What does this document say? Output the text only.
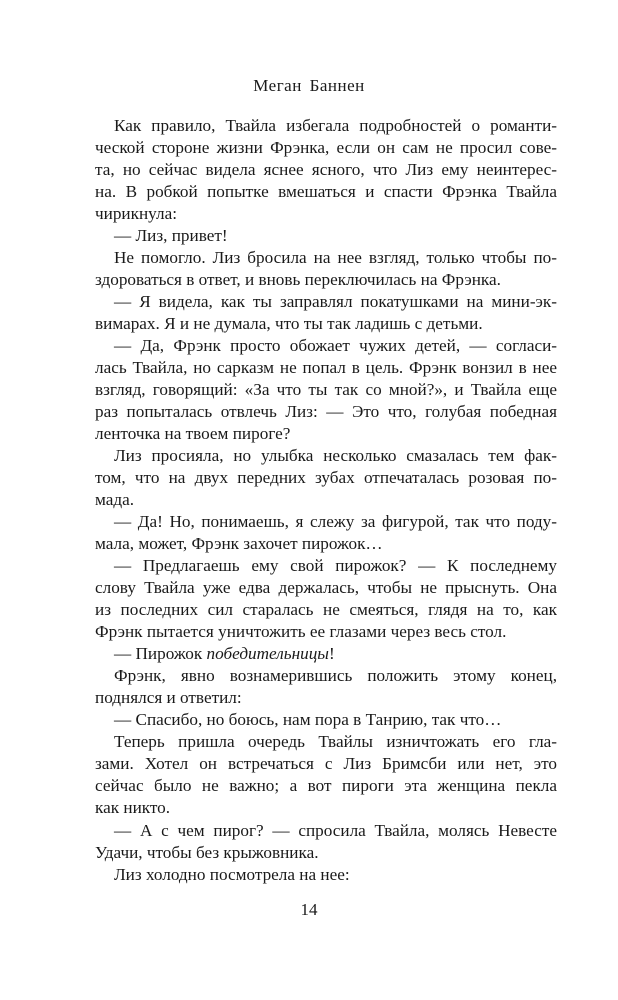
Меган Баннен
Как правило, Твайла избегала подробностей о романти-
ческой стороне жизни Фрэнка, если он сам не просил сове-
та, но сейчас видела яснее ясного, что Лиз ему неинтерес-
на. В робкой попытке вмешаться и спасти Фрэнка Твайла
чирикнула:
— Лиз, привет!
Не помогло. Лиз бросила на нее взгляд, только чтобы по-
здороваться в ответ, и вновь переключилась на Фрэнка.
— Я видела, как ты заправлял покатушками на мини-эк-
вимарах. Я и не думала, что ты так ладишь с детьми.
— Да, Фрэнк просто обожает чужих детей, — согласи-
лась Твайла, но сарказм не попал в цель. Фрэнк вонзил в нее
взгляд, говорящий: «За что ты так со мной?», и Твайла еще
раз попыталась отвлечь Лиз: — Это что, голубая победная
ленточка на твоем пироге?
Лиз просияла, но улыбка несколько смазалась тем фак-
том, что на двух передних зубах отпечаталась розовая по-
мада.
— Да! Но, понимаешь, я слежу за фигурой, так что поду-
мала, может, Фрэнк захочет пирожок…
— Предлагаешь ему свой пирожок? — К последнему
слову Твайла уже едва держалась, чтобы не прыснуть. Она
из последних сил старалась не смеяться, глядя на то, как
Фрэнк пытается уничтожить ее глазами через весь стол.
— Пирожок победительницы!
Фрэнк, явно вознамерившись положить этому конец,
поднялся и ответил:
— Спасибо, но боюсь, нам пора в Танрию, так что…
Теперь пришла очередь Твайлы изничтожать его гла-
зами. Хотел он встречаться с Лиз Бримсби или нет, это
сейчас было не важно; а вот пироги эта женщина пекла
как никто.
— А с чем пирог? — спросила Твайла, молясь Невесте
Удачи, чтобы без крыжовника.
Лиз холодно посмотрела на нее:
14
